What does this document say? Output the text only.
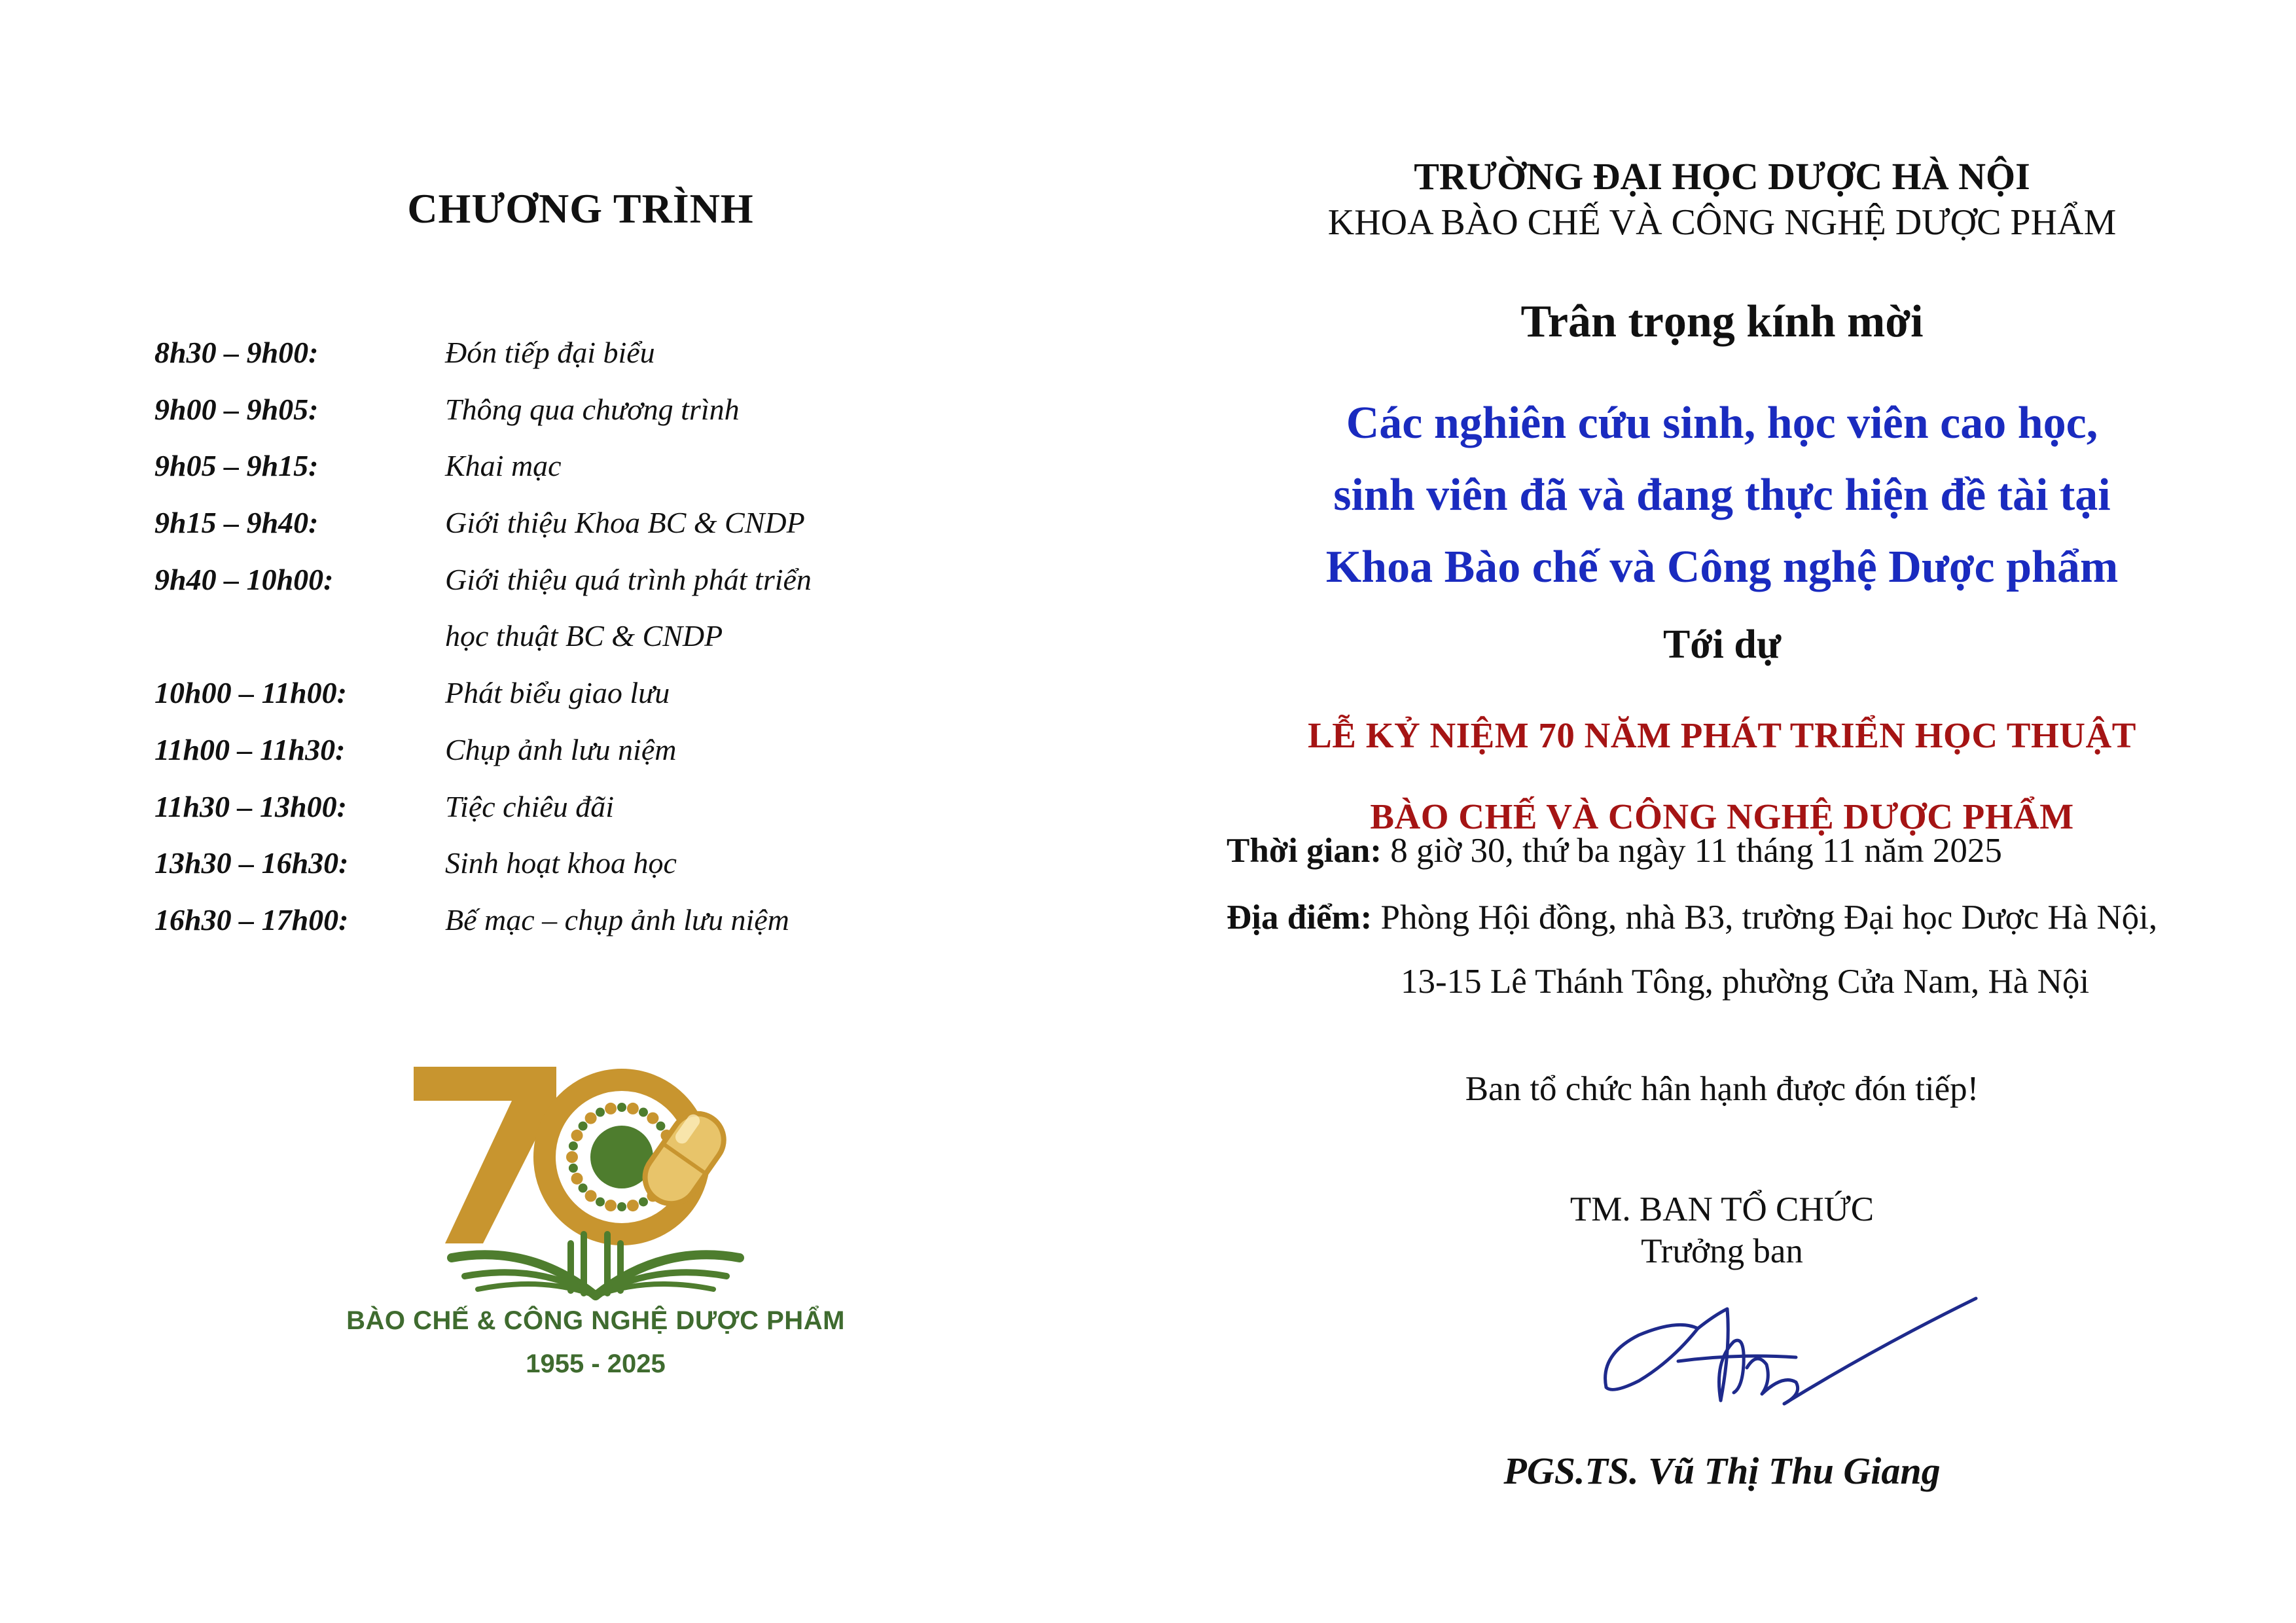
CHƯƠNG TRÌNH
8h30 – 9h00:	Đón tiếp đại biểu
9h00 – 9h05:	Thông qua chương trình
9h05 – 9h15:	Khai mạc
9h15 – 9h40:	Giới thiệu Khoa BC & CNDP
9h40 – 10h00:	Giới thiệu quá trình phát triển
học thuật BC & CNDP
10h00 – 11h00:	Phát biểu giao lưu
11h00 – 11h30:	Chụp ảnh lưu niệm
11h30 – 13h00:	Tiệc chiêu đãi
13h30 – 16h30:	Sinh hoạt khoa học
16h30 – 17h00:	Bế mạc – chụp ảnh lưu niệm
BÀO CHẾ & CÔNG NGHỆ DƯỢC PHẨM
1955 - 2025
TRƯỜNG ĐẠI HỌC DƯỢC HÀ NỘI
KHOA BÀO CHẾ VÀ CÔNG NGHỆ DƯỢC PHẨM
Trân trọng kính mời
Các nghiên cứu sinh, học viên cao học,
sinh viên đã và đang thực hiện đề tài tại
Khoa Bào chế và Công nghệ Dược phẩm
Tới dự
LỄ KỶ NIỆM 70 NĂM PHÁT TRIỂN HỌC THUẬT
BÀO CHẾ VÀ CÔNG NGHỆ DƯỢC PHẨM
Thời gian: 8 giờ 30, thứ ba ngày 11 tháng 11 năm 2025
Địa điểm: Phòng Hội đồng, nhà B3, trường Đại học Dược Hà Nội,
13-15 Lê Thánh Tông, phường Cửa Nam, Hà Nội
Ban tổ chức hân hạnh được đón tiếp!
TM. BAN TỔ CHỨC
Trưởng ban
PGS.TS. Vũ Thị Thu Giang
